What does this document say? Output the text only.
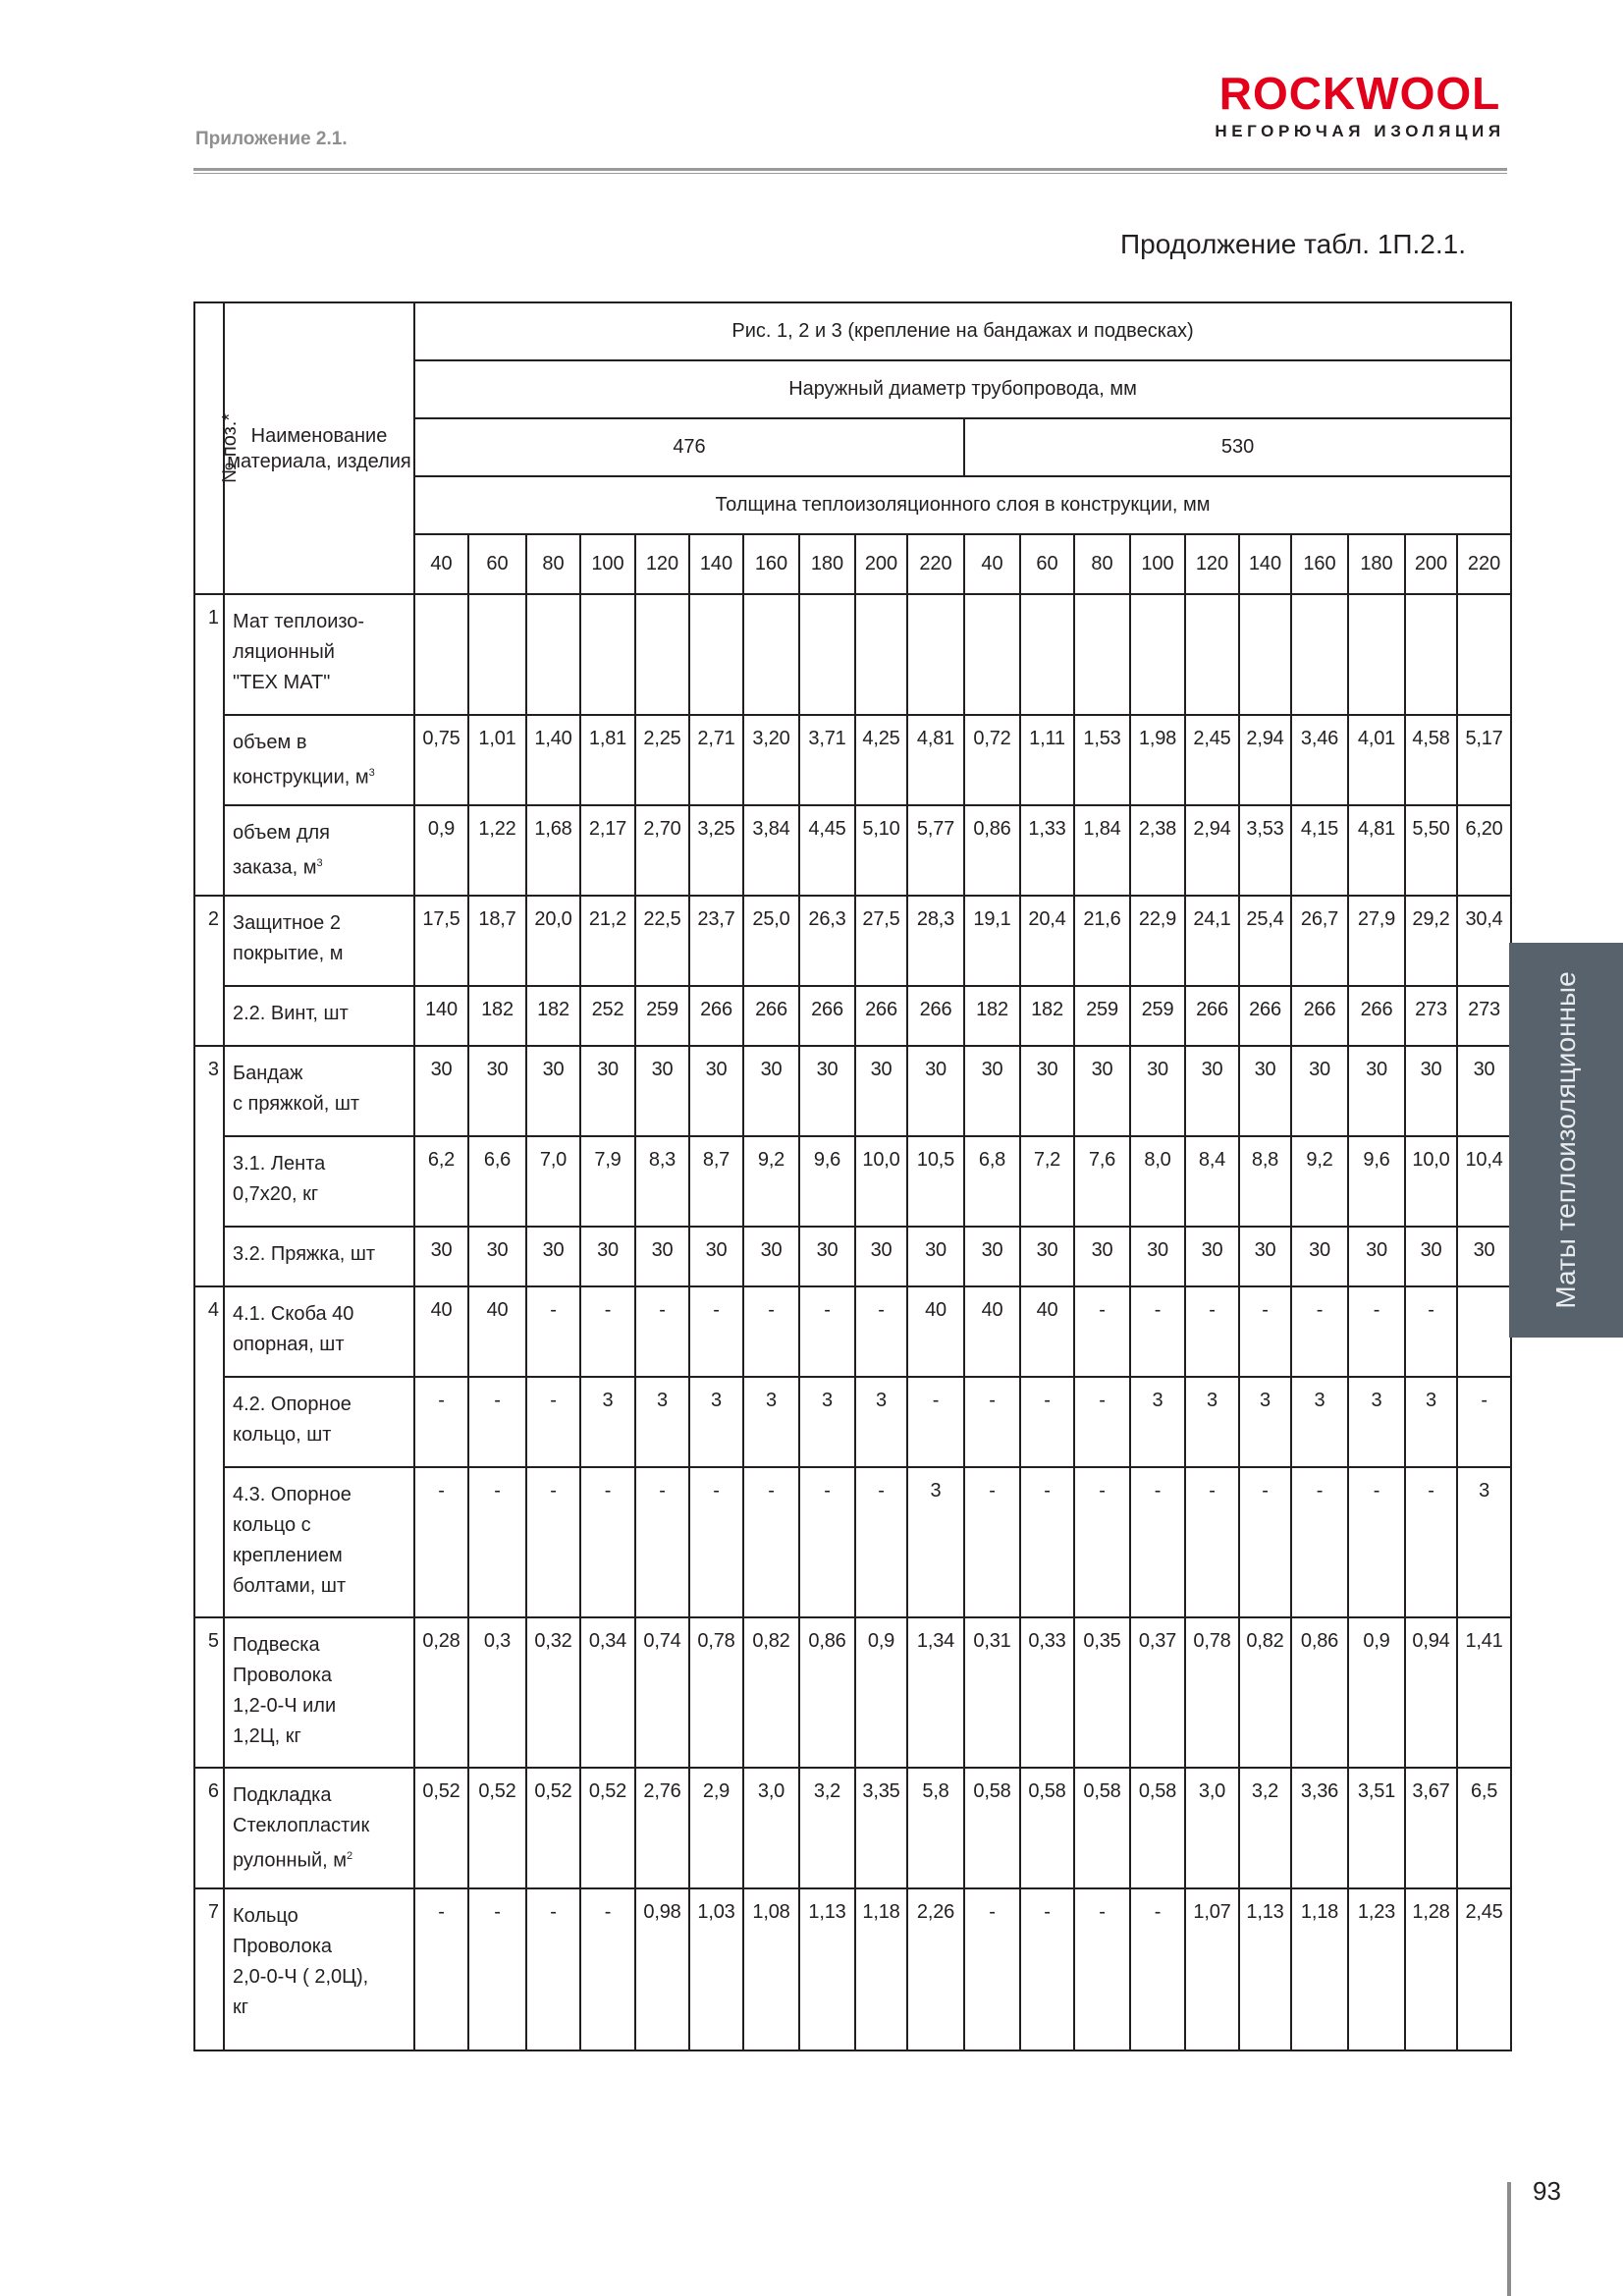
Приложение 2.1.
ROCKWOOL
НЕГОРЮЧАЯ ИЗОЛЯЦИЯ
Продолжение табл. 1П.2.1.
№ поз.*	Наименование материала, изделия	Рис. 1, 2 и 3 (крепление на бандажах и подвесках)																			
		Наружный диаметр трубопровода, мм																			
		476										530									
		Толщина теплоизоляционного слоя в конструкции, мм																			
		40	60	80	100	120	140	160	180	200	220	40	60	80	100	120	140	160	180	200	220
1	Мат теплоизо-
ляционный
"ТЕХ МАТ"																				
	объем в
конструкции, $м^3$	0,75	1,01	1,40	1,81	2,25	2,71	3,20	3,71	4,25	4,81	0,72	1,11	1,53	1,98	2,45	2,94	3,46	4,01	4,58	5,17
	объем для
заказа, $м^3$	0,9	1,22	1,68	2,17	2,70	3,25	3,84	4,45	5,10	5,77	0,86	1,33	1,84	2,38	2,94	3,53	4,15	4,81	5,50	6,20
2	Защитное 2
покрытие, м	17,5	18,7	20,0	21,2	22,5	23,7	25,0	26,3	27,5	28,3	19,1	20,4	21,6	22,9	24,1	25,4	26,7	27,9	29,2	30,4
	2.2. Винт, шт	140	182	182	252	259	266	266	266	266	266	182	182	259	259	266	266	266	266	273	273
3	Бандаж
с пряжкой, шт	30	30	30	30	30	30	30	30	30	30	30	30	30	30	30	30	30	30	30	30
	3.1. Лента
0,7х20, кг	6,2	6,6	7,0	7,9	8,3	8,7	9,2	9,6	10,0	10,5	6,8	7,2	7,6	8,0	8,4	8,8	9,2	9,6	10,0	10,4
	3.2. Пряжка, шт	30	30	30	30	30	30	30	30	30	30	30	30	30	30	30	30	30	30	30	30
4	4.1. Скоба 40
опорная, шт	40	40	-	-	-	-	-	-	-	40	40	40	-	-	-	-	-	-	-	
	4.2. Опорное
кольцо, шт	-	-	-	3	3	3	3	3	3	-	-	-	-	3	3	3	3	3	3	-
	4.3. Опорное
кольцо с
креплением
болтами, шт	-	-	-	-	-	-	-	-	-	3	-	-	-	-	-	-	-	-	-	3
5	Подвеска
Проволока
1,2-0-Ч или
1,2Ц, кг	0,28	0,3	0,32	0,34	0,74	0,78	0,82	0,86	0,9	1,34	0,31	0,33	0,35	0,37	0,78	0,82	0,86	0,9	0,94	1,41
6	Подкладка
Стеклопластик
рулонный, $м^2$	0,52	0,52	0,52	0,52	2,76	2,9	3,0	3,2	3,35	5,8	0,58	0,58	0,58	0,58	3,0	3,2	3,36	3,51	3,67	6,5
7	Кольцо
Проволока
2,0-0-Ч ( 2,0Ц),
кг	-	-	-	-	0,98	1,03	1,08	1,13	1,18	2,26	-	-	-	-	1,07	1,13	1,18	1,23	1,28	2,45
Маты теплоизоляционные
93
